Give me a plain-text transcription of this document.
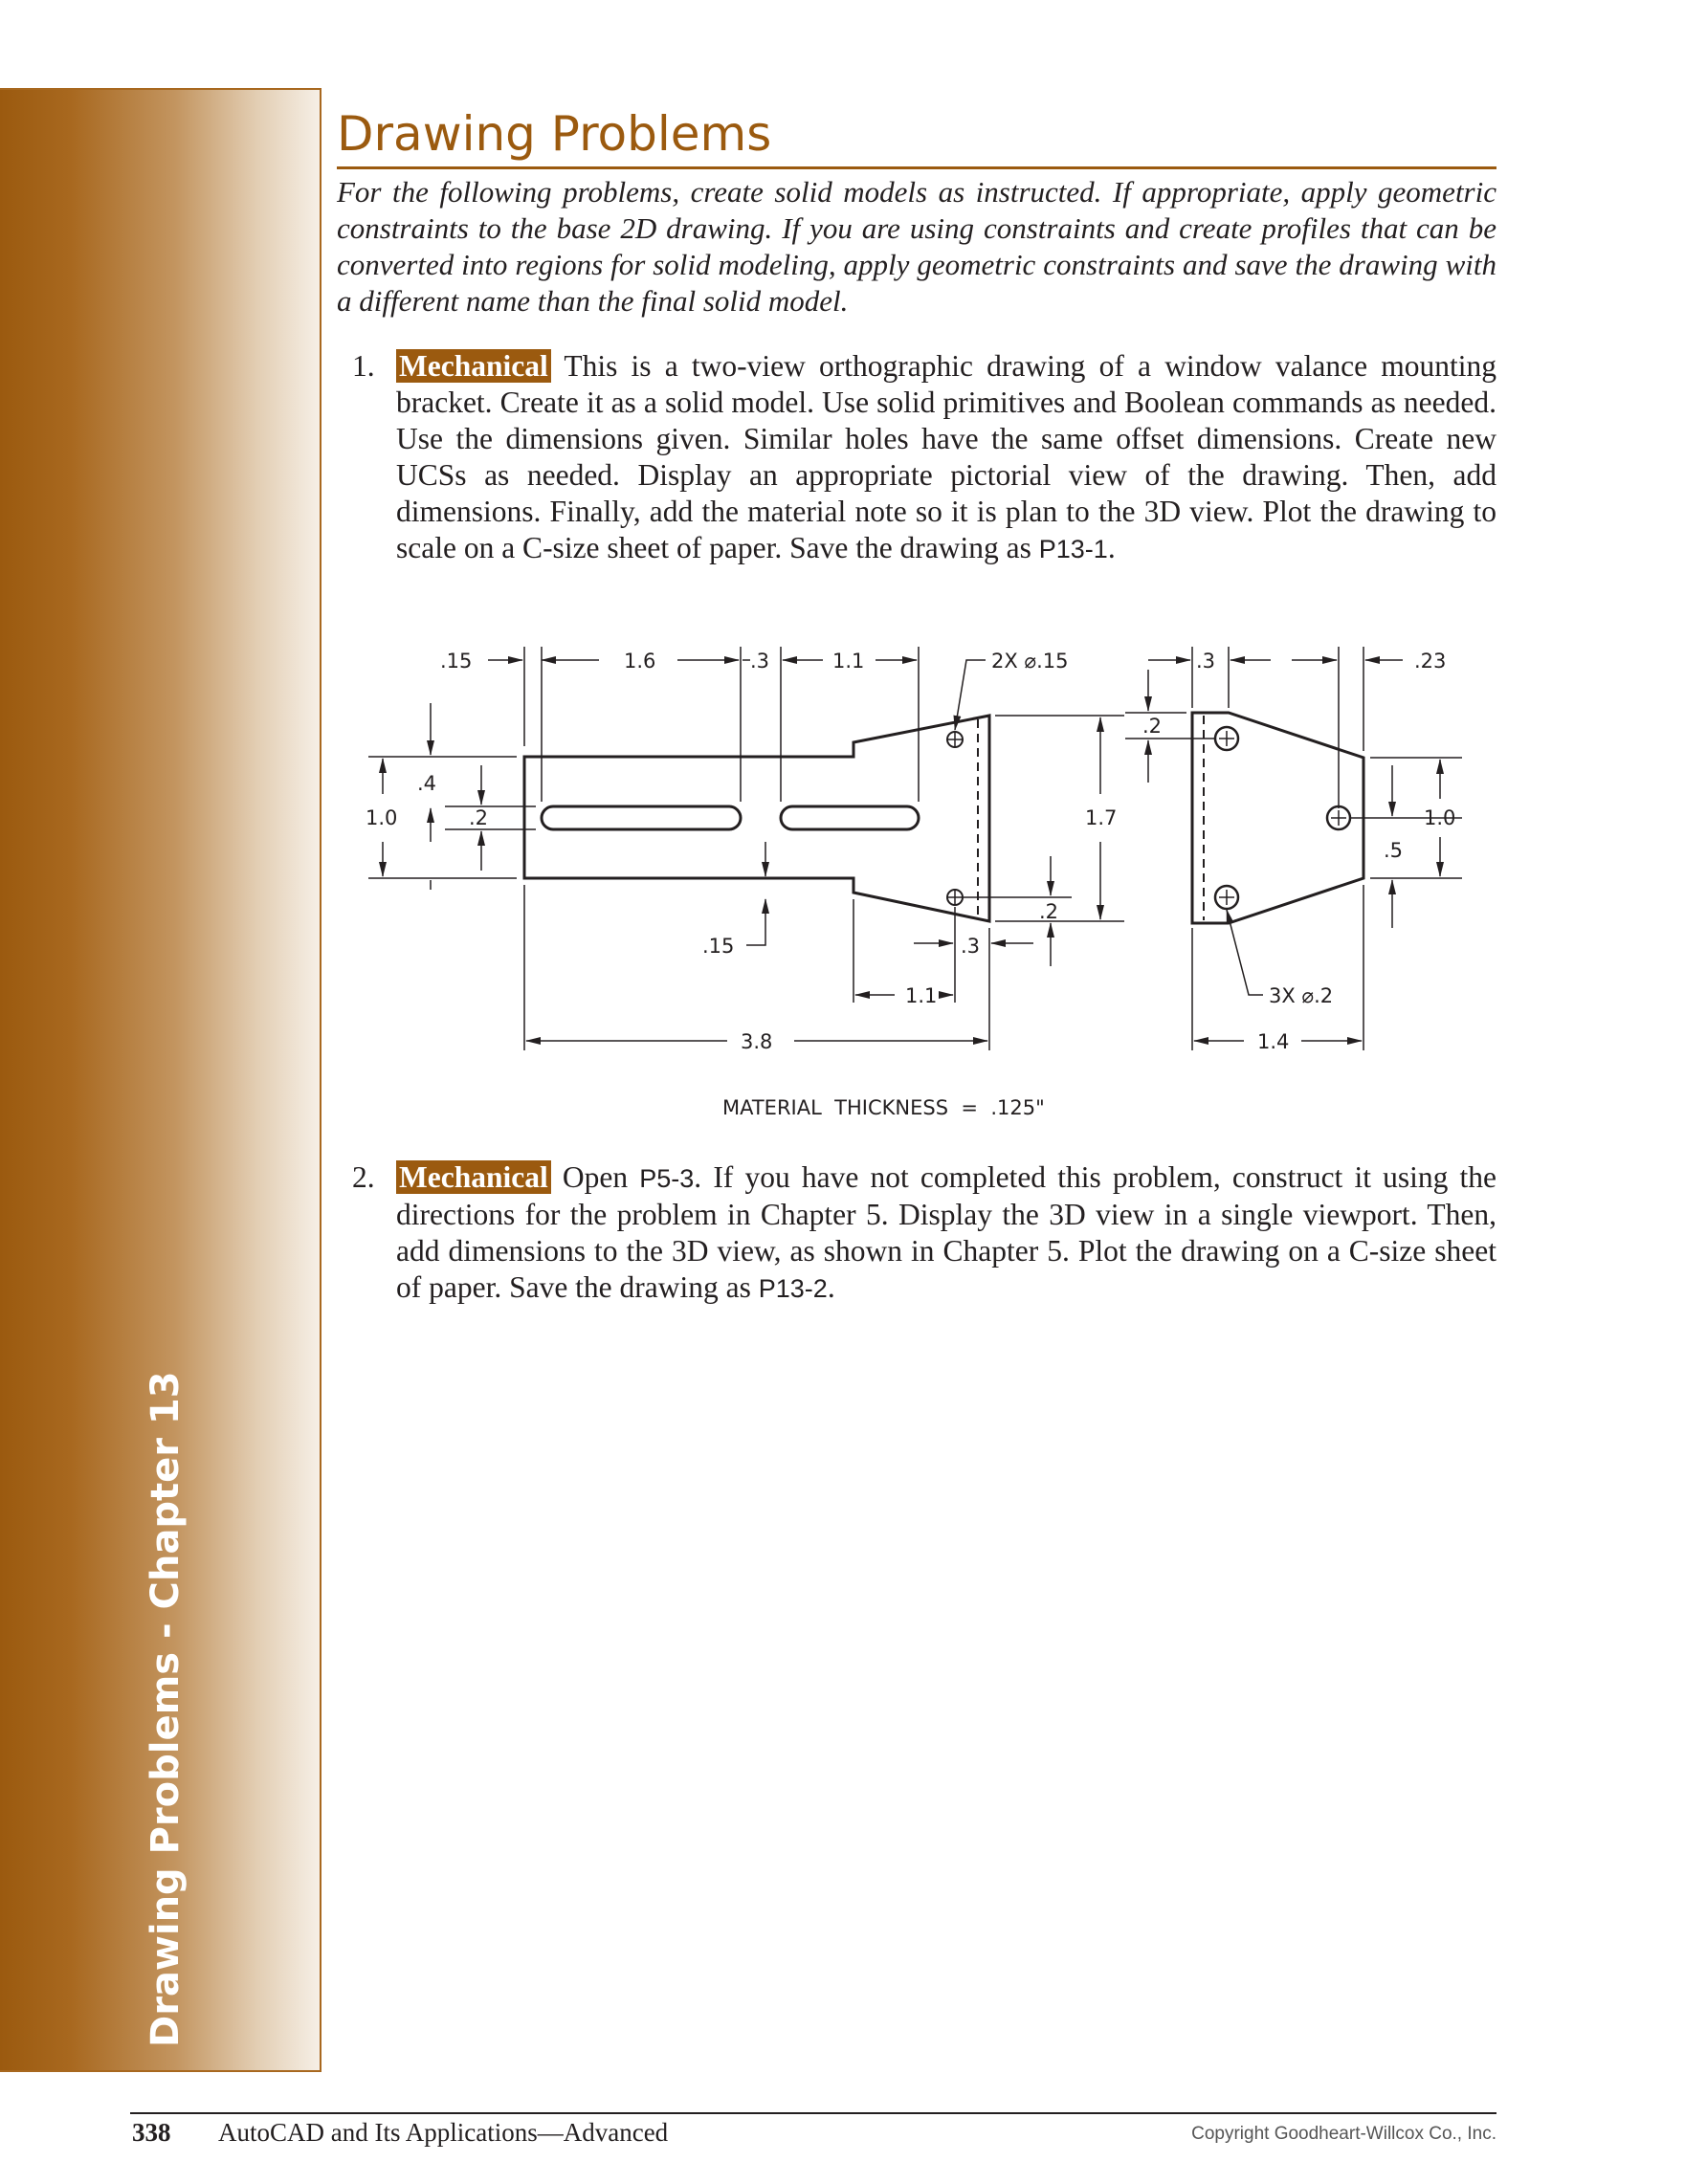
Drawing Problems - Chapter 13
Drawing Problems
For the following problems, create solid models as instructed. If appropriate, apply geometric constraints to the base 2D drawing. If you are using constraints and create profiles that can be converted into regions for solid modeling, apply geometric constraints and save the drawing with a different name than the final solid model.
1. Mechanical This is a two-view orthographic drawing of a window valance mounting bracket. Create it as a solid model. Use solid primitives and Boolean commands as needed. Use the dimensions given. Similar holes have the same offset dimensions. Create new UCSs as needed. Display an appropriate pictorial view of the drawing. Then, add dimensions. Finally, add the material note so it is plan to the 3D view. Plot the drawing to scale on a C-size sheet of paper. Save the drawing as P13-1.
.15	1.6	.3	1.1	2X ⌀.15	.3	.23
.4
1.0	.2	1.7
.2
1.0
.5
.15
.2
.3
1.1	3X ⌀.2
3.8	1.4
MATERIAL  THICKNESS  =  .125"
2. Mechanical Open P5-3. If you have not completed this problem, construct it using the directions for the problem in Chapter 5. Display the 3D view in a single viewport. Then, add dimensions to the 3D view, as shown in Chapter 5. Plot the drawing on a C-size sheet of paper. Save the drawing as P13-2.
338 AutoCAD and Its Applications—Advanced	Copyright Goodheart-Willcox Co., Inc.
